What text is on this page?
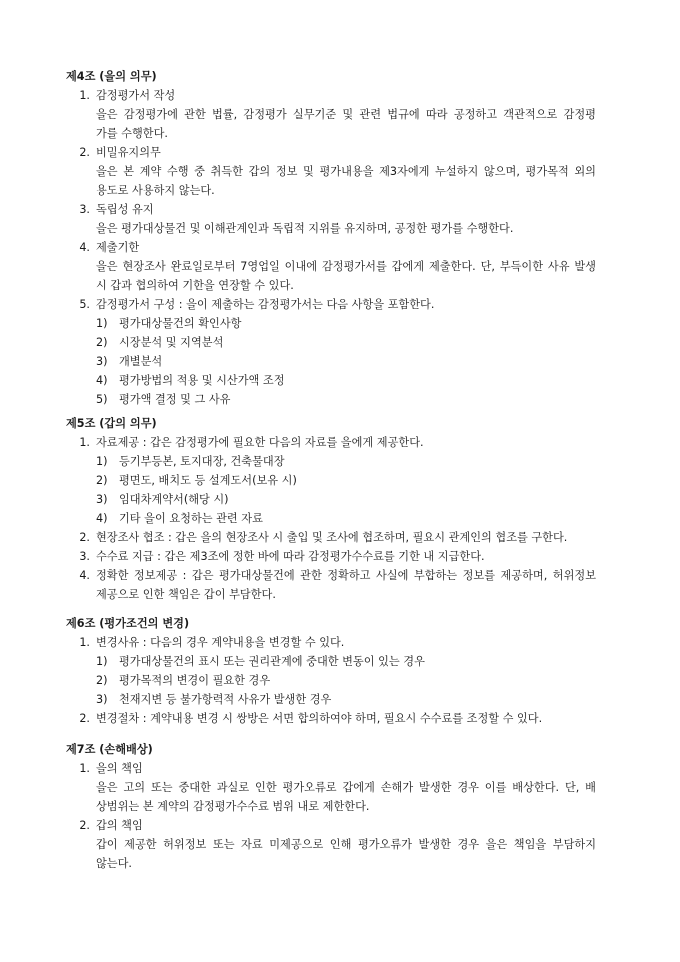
제4조 (을의 의무)
1. 감정평가서 작성
을은 감정평가에 관한 법률, 감정평가 실무기준 및 관련 법규에 따라 공정하고 객관적으로 감정평
가를 수행한다.
2. 비밀유지의무
을은 본 계약 수행 중 취득한 갑의 정보 및 평가내용을 제3자에게 누설하지 않으며, 평가목적 외의
용도로 사용하지 않는다.
3. 독립성 유지
을은 평가대상물건 및 이해관계인과 독립적 지위를 유지하며, 공정한 평가를 수행한다.
4. 제출기한
을은 현장조사 완료일로부터 7영업일 이내에 감정평가서를 갑에게 제출한다. 단, 부득이한 사유 발생
시 갑과 협의하여 기한을 연장할 수 있다.
5. 감정평가서 구성 : 을이 제출하는 감정평가서는 다음 사항을 포함한다.
1)	평가대상물건의 확인사항
2)	시장분석 및 지역분석
3)	개별분석
4)	평가방법의 적용 및 시산가액 조정
5)	평가액 결정 및 그 사유
제5조 (갑의 의무)
1. 자료제공 : 갑은 감정평가에 필요한 다음의 자료를 을에게 제공한다.
1)	등기부등본, 토지대장, 건축물대장
2)	평면도, 배치도 등 설계도서(보유 시)
3)	임대차계약서(해당 시)
4)	기타 을이 요청하는 관련 자료
2. 현장조사 협조 : 갑은 을의 현장조사 시 출입 및 조사에 협조하며, 필요시 관계인의 협조를 구한다.
3. 수수료 지급 : 갑은 제3조에 정한 바에 따라 감정평가수수료를 기한 내 지급한다.
4. 정확한 정보제공 : 갑은 평가대상물건에 관한 정확하고 사실에 부합하는 정보를 제공하며, 허위정보
제공으로 인한 책임은 갑이 부담한다.
제6조 (평가조건의 변경)
1. 변경사유 : 다음의 경우 계약내용을 변경할 수 있다.
1)	평가대상물건의 표시 또는 권리관계에 중대한 변동이 있는 경우
2)	평가목적의 변경이 필요한 경우
3)	천재지변 등 불가항력적 사유가 발생한 경우
2. 변경절차 : 계약내용 변경 시 쌍방은 서면 합의하여야 하며, 필요시 수수료를 조정할 수 있다.
제7조 (손해배상)
1. 을의 책임
을은 고의 또는 중대한 과실로 인한 평가오류로 갑에게 손해가 발생한 경우 이를 배상한다. 단, 배
상범위는 본 계약의 감정평가수수료 범위 내로 제한한다.
2. 갑의 책임
갑이 제공한 허위정보 또는 자료 미제공으로 인해 평가오류가 발생한 경우 을은 책임을 부담하지
않는다.
